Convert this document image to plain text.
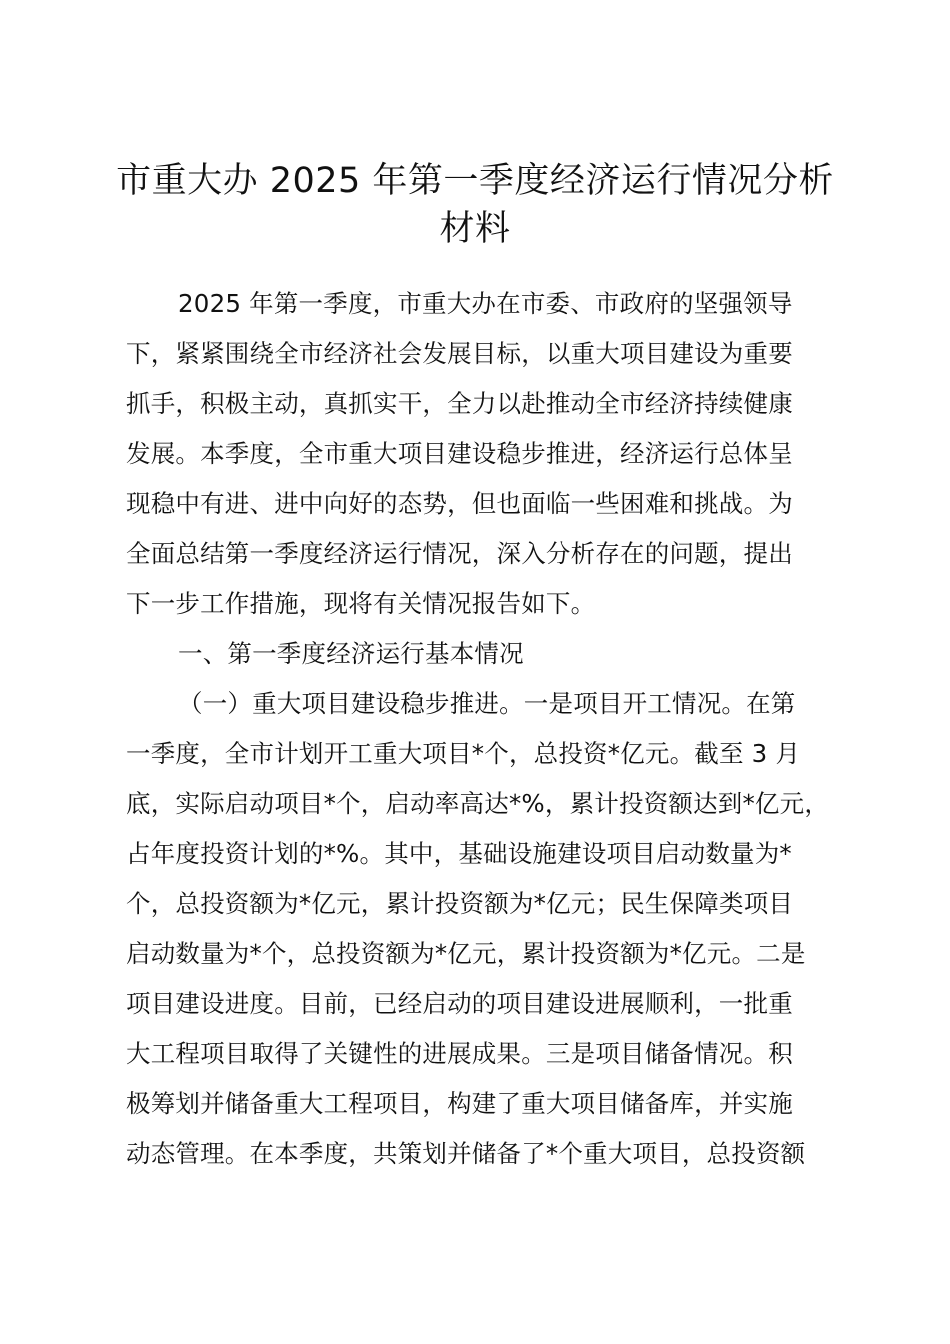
市重大办 2025 年第一季度经济运行情况分析
材料
2025 年第一季度，市重大办在市委、市政府的坚强领导
下，紧紧围绕全市经济社会发展目标，以重大项目建设为重要
抓手，积极主动，真抓实干，全力以赴推动全市经济持续健康
发展。本季度，全市重大项目建设稳步推进，经济运行总体呈
现稳中有进、进中向好的态势，但也面临一些困难和挑战。为
全面总结第一季度经济运行情况，深入分析存在的问题，提出
下一步工作措施，现将有关情况报告如下。
一、第一季度经济运行基本情况
（一）重大项目建设稳步推进。一是项目开工情况。在第
一季度，全市计划开工重大项目*个，总投资*亿元。截至 3 月
底，实际启动项目*个，启动率高达*%，累计投资额达到*亿元，
占年度投资计划的*%。其中，基础设施建设项目启动数量为*
个，总投资额为*亿元，累计投资额为*亿元；民生保障类项目
启动数量为*个，总投资额为*亿元，累计投资额为*亿元。二是
项目建设进度。目前，已经启动的项目建设进展顺利，一批重
大工程项目取得了关键性的进展成果。三是项目储备情况。积
极筹划并储备重大工程项目，构建了重大项目储备库，并实施
动态管理。在本季度，共策划并储备了*个重大项目，总投资额
